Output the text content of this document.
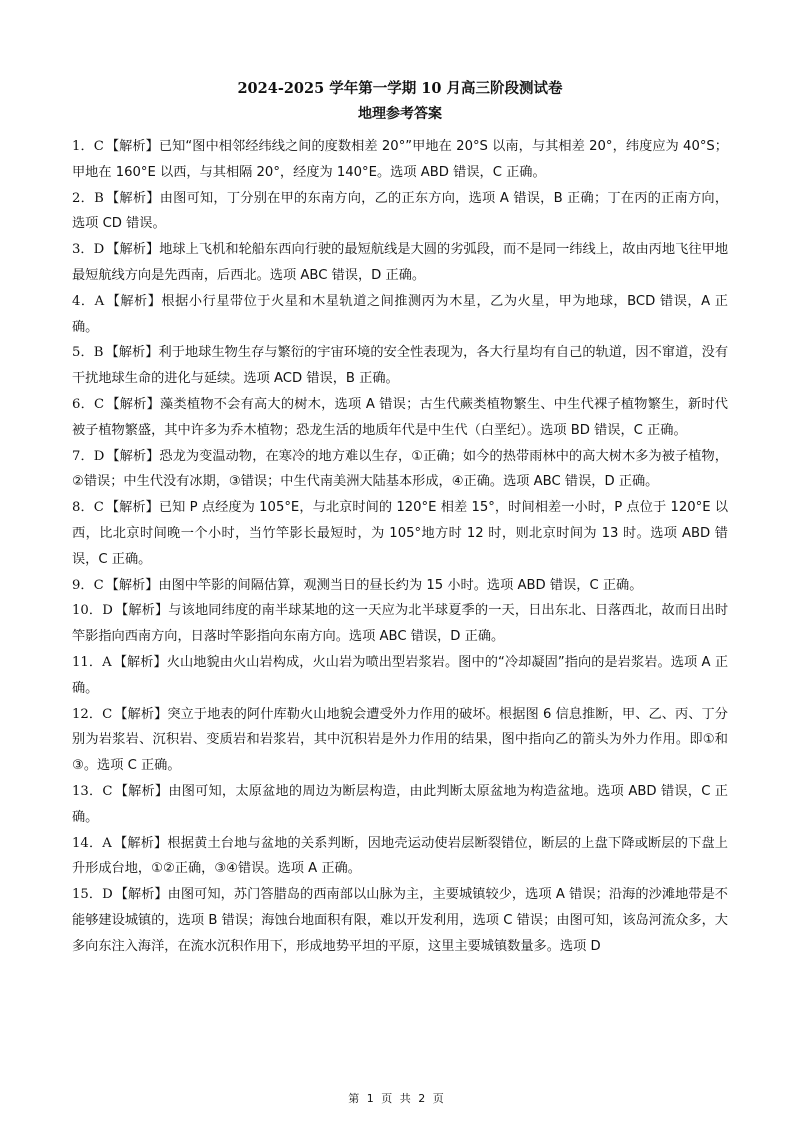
2024-2025 学年第一学期 10 月高三阶段测试卷
地理参考答案

1．C 【解析】已知“图中相邻经纬线之间的度数相差 20°”甲地在 20°S 以南，与其相差 20°，纬度应为 40°S；甲地在 160°E 以西，与其相隔 20°，经度为 140°E。选项 ABD 错误，C 正确。

2．B 【解析】由图可知，丁分别在甲的东南方向，乙的正东方向，选项 A 错误，B 正确；丁在丙的正南方向，选项 CD 错误。

3．D 【解析】地球上飞机和轮船东西向行驶的最短航线是大圆的劣弧段，而不是同一纬线上，故由丙地飞往甲地最短航线方向是先西南，后西北。选项 ABC 错误，D 正确。

4．A 【解析】根据小行星带位于火星和木星轨道之间推测丙为木星，乙为火星，甲为地球，BCD 错误，A 正确。

5．B 【解析】利于地球生物生存与繁衍的宇宙环境的安全性表现为，各大行星均有自己的轨道，因不窜道，没有干扰地球生命的进化与延续。选项 ACD 错误，B 正确。

6．C 【解析】藻类植物不会有高大的树木，选项 A 错误；古生代蕨类植物繁生、中生代裸子植物繁生，新时代被子植物繁盛，其中许多为乔木植物；恐龙生活的地质年代是中生代（白垩纪）。选项 BD 错误，C 正确。

7．D 【解析】恐龙为变温动物，在寒冷的地方难以生存，①正确；如今的热带雨林中的高大树木多为被子植物，②错误；中生代没有冰期，③错误；中生代南美洲大陆基本形成，④正确。选项 ABC 错误，D 正确。

8．C 【解析】已知 P 点经度为 105°E，与北京时间的 120°E 相差 15°，时间相差一小时，P 点位于 120°E 以西，比北京时间晚一个小时，当竹竿影长最短时，为 105°地方时 12 时，则北京时间为 13 时。选项 ABD 错误，C 正确。

9．C 【解析】由图中竿影的间隔估算，观测当日的昼长约为 15 小时。选项 ABD 错误，C 正确。

10．D 【解析】与该地同纬度的南半球某地的这一天应为北半球夏季的一天，日出东北、日落西北，故而日出时竿影指向西南方向，日落时竿影指向东南方向。选项 ABC 错误，D 正确。

11．A 【解析】火山地貌由火山岩构成，火山岩为喷出型岩浆岩。图中的“冷却凝固”指向的是岩浆岩。选项 A 正确。

12．C 【解析】突立于地表的阿什库勒火山地貌会遭受外力作用的破坏。根据图 6 信息推断，甲、乙、丙、丁分别为岩浆岩、沉积岩、变质岩和岩浆岩，其中沉积岩是外力作用的结果，图中指向乙的箭头为外力作用。即①和③。选项 C 正确。

13．C 【解析】由图可知，太原盆地的周边为断层构造，由此判断太原盆地为构造盆地。选项 ABD 错误，C 正确。

14．A 【解析】根据黄土台地与盆地的关系判断，因地壳运动使岩层断裂错位，断层的上盘下降或断层的下盘上升形成台地，①②正确，③④错误。选项 A 正确。

15．D 【解析】由图可知，苏门答腊岛的西南部以山脉为主，主要城镇较少，选项 A 错误；沿海的沙滩地带是不能够建设城镇的，选项 B 错误；海蚀台地面积有限，难以开发利用，选项 C 错误；由图可知，该岛河流众多，大多向东注入海洋，在流水沉积作用下，形成地势平坦的平原，这里主要城镇数量多。选项 D

第 1 页 共 2 页
